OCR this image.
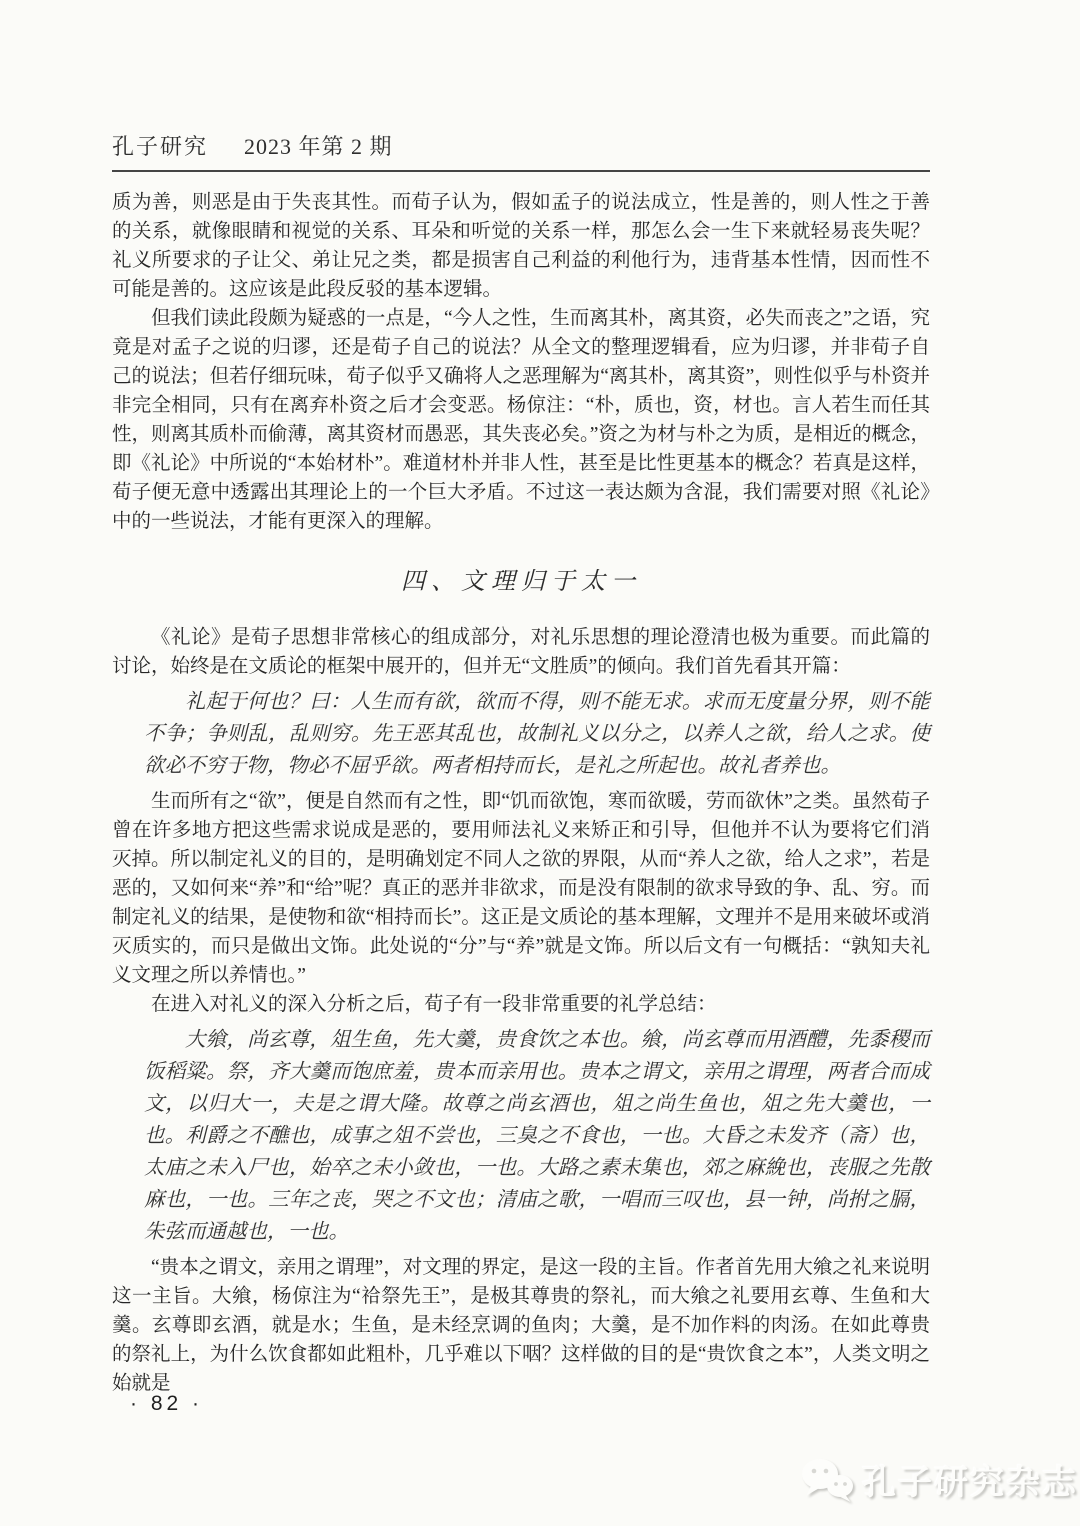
孔子研究 2023 年第 2 期

质为善，则恶是由于失丧其性。而荀子认为，假如孟子的说法成立，性是善的，则人性之于善的关系，就像眼睛和视觉的关系、耳朵和听觉的关系一样，那怎么会一生下来就轻易丧失呢？礼义所要求的子让父、弟让兄之类，都是损害自己利益的利他行为，违背基本性情，因而性不可能是善的。这应该是此段反驳的基本逻辑。

但我们读此段颇为疑惑的一点是，“今人之性，生而离其朴，离其资，必失而丧之”之语，究竟是对孟子之说的归谬，还是荀子自己的说法？从全文的整理逻辑看，应为归谬，并非荀子自己的说法；但若仔细玩味，荀子似乎又确将人之恶理解为“离其朴，离其资”，则性似乎与朴资并非完全相同，只有在离弃朴资之后才会变恶。杨倞注：“朴，质也，资，材也。言人若生而任其性，则离其质朴而偷薄，离其资材而愚恶，其失丧必矣。”资之为材与朴之为质，是相近的概念，即《礼论》中所说的“本始材朴”。难道材朴并非人性，甚至是比性更基本的概念？若真是这样，荀子便无意中透露出其理论上的一个巨大矛盾。不过这一表达颇为含混，我们需要对照《礼论》中的一些说法，才能有更深入的理解。

四、文理归于太一

《礼论》是荀子思想非常核心的组成部分，对礼乐思想的理论澄清也极为重要。而此篇的讨论，始终是在文质论的框架中展开的，但并无“文胜质”的倾向。我们首先看其开篇：

礼起于何也？曰：人生而有欲，欲而不得，则不能无求。求而无度量分界，则不能不争；争则乱，乱则穷。先王恶其乱也，故制礼义以分之，以养人之欲，给人之求。使欲必不穷于物，物必不屈乎欲。两者相持而长，是礼之所起也。故礼者养也。

生而所有之“欲”，便是自然而有之性，即“饥而欲饱，寒而欲暖，劳而欲休”之类。虽然荀子曾在许多地方把这些需求说成是恶的，要用师法礼义来矫正和引导，但他并不认为要将它们消灭掉。所以制定礼义的目的，是明确划定不同人之欲的界限，从而“养人之欲，给人之求”，若是恶的，又如何来“养”和“给”呢？真正的恶并非欲求，而是没有限制的欲求导致的争、乱、穷。而制定礼义的结果，是使物和欲“相持而长”。这正是文质论的基本理解，文理并不是用来破坏或消灭质实的，而只是做出文饰。此处说的“分”与“养”就是文饰。所以后文有一句概括：“孰知夫礼义文理之所以养情也。”

在进入对礼义的深入分析之后，荀子有一段非常重要的礼学总结：

大飨，尚玄尊，俎生鱼，先大羹，贵食饮之本也。飨，尚玄尊而用酒醴，先黍稷而饭稻粱。祭，齐大羹而饱庶羞，贵本而亲用也。贵本之谓文，亲用之谓理，两者合而成文，以归大一，夫是之谓大隆。故尊之尚玄酒也，俎之尚生鱼也，俎之先大羹也，一也。利爵之不醮也，成事之俎不尝也，三臭之不食也，一也。大昏之未发齐（斋）也，太庙之未入尸也，始卒之未小敛也，一也。大路之素未集也，郊之麻絻也，丧服之先散麻也，一也。三年之丧，哭之不文也；清庙之歌，一唱而三叹也，县一钟，尚拊之膈，朱弦而通越也，一也。

“贵本之谓文，亲用之谓理”，对文理的界定，是这一段的主旨。作者首先用大飨之礼来说明这一主旨。大飨，杨倞注为“祫祭先王”，是极其尊贵的祭礼，而大飨之礼要用玄尊、生鱼和大羹。玄尊即玄酒，就是水；生鱼，是未经烹调的鱼肉；大羹，是不加作料的肉汤。在如此尊贵的祭礼上，为什么饮食都如此粗朴，几乎难以下咽？这样做的目的是“贵饮食之本”，人类文明之始就是

· 82 ·
孔子研究杂志
